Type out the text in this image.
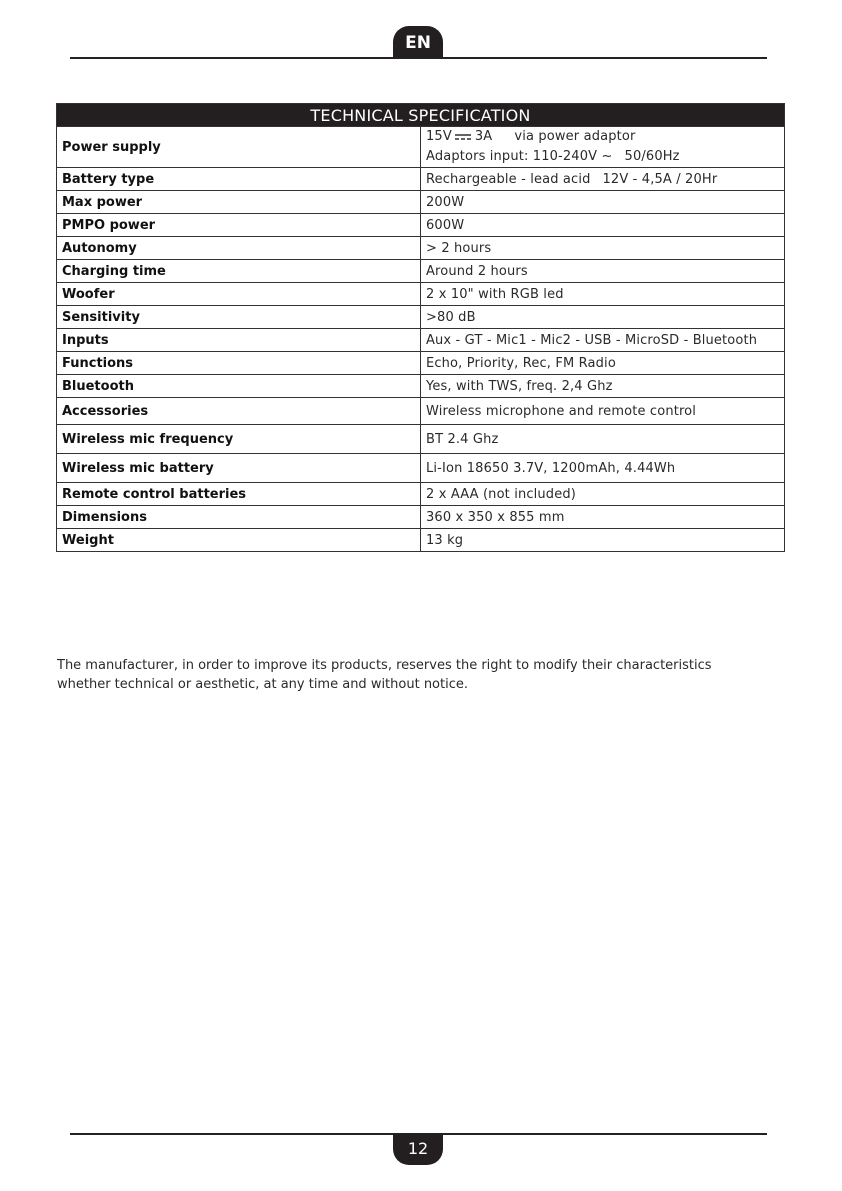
EN
TECHNICAL SPECIFICATION	
Power supply	15V 3A via power adaptor
Adaptors input: 110-240V ~ 50/60Hz

Battery type	Rechargeable - lead acid 12V - 4,5A / 20Hr
Max power	200W
PMPO power	600W
Autonomy	> 2 hours
Charging time	Around 2 hours
Woofer	2 x 10" with RGB led
Sensitivity	>80 dB
Inputs	Aux - GT - Mic1 - Mic2 - USB - MicroSD - Bluetooth
Functions	Echo, Priority, Rec, FM Radio
Bluetooth	Yes, with TWS, freq. 2,4 Ghz
Accessories	Wireless microphone and remote control
Wireless mic frequency	BT 2.4 Ghz
Wireless mic battery	Li-Ion 18650 3.7V, 1200mAh, 4.44Wh
Remote control batteries	2 x AAA (not included)
Dimensions	360 x 350 x 855 mm
Weight	13 kg

The manufacturer, in order to improve its products, reserves the right to modify their characteristics

whether technical or aesthetic, at any time and without notice.

12
